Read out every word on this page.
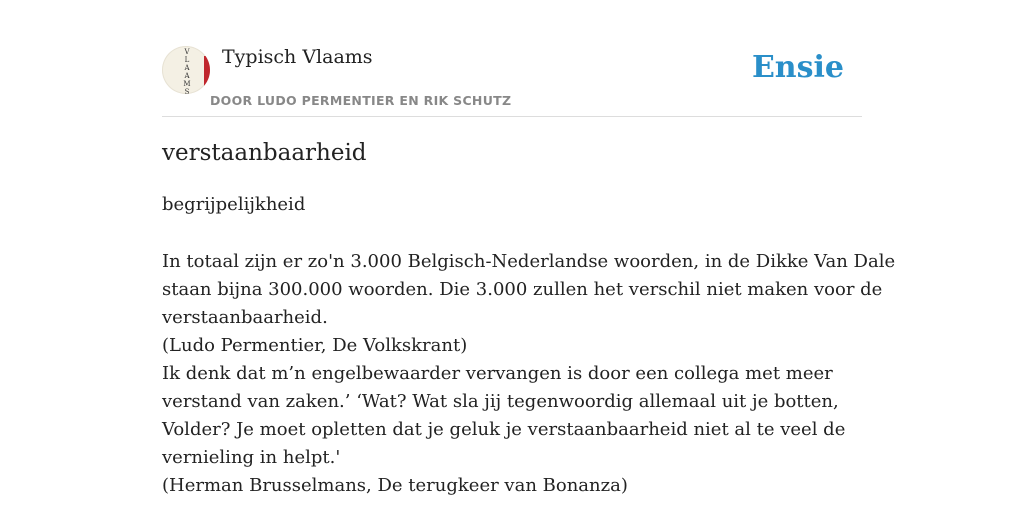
V
L
A
A
M
S
Typisch Vlaams
DOOR LUDO PERMENTIER EN RIK SCHUTZ
Ensie
verstaanbaarheid
begrijpelijkheid
In totaal zijn er zo'n 3.000 Belgisch-Nederlandse woorden, in de Dikke Van Dale
staan bijna 300.000 woorden. Die 3.000 zullen het verschil niet maken voor de
verstaanbaarheid.
(Ludo Permentier, De Volkskrant)
Ik denk dat m’n engelbewaarder vervangen is door een collega met meer
verstand van zaken.’ ‘Wat? Wat sla jij tegenwoordig allemaal uit je botten,
Volder? Je moet opletten dat je geluk je verstaanbaarheid niet al te veel de
vernieling in helpt.'
(Herman Brusselmans, De terugkeer van Bonanza)
